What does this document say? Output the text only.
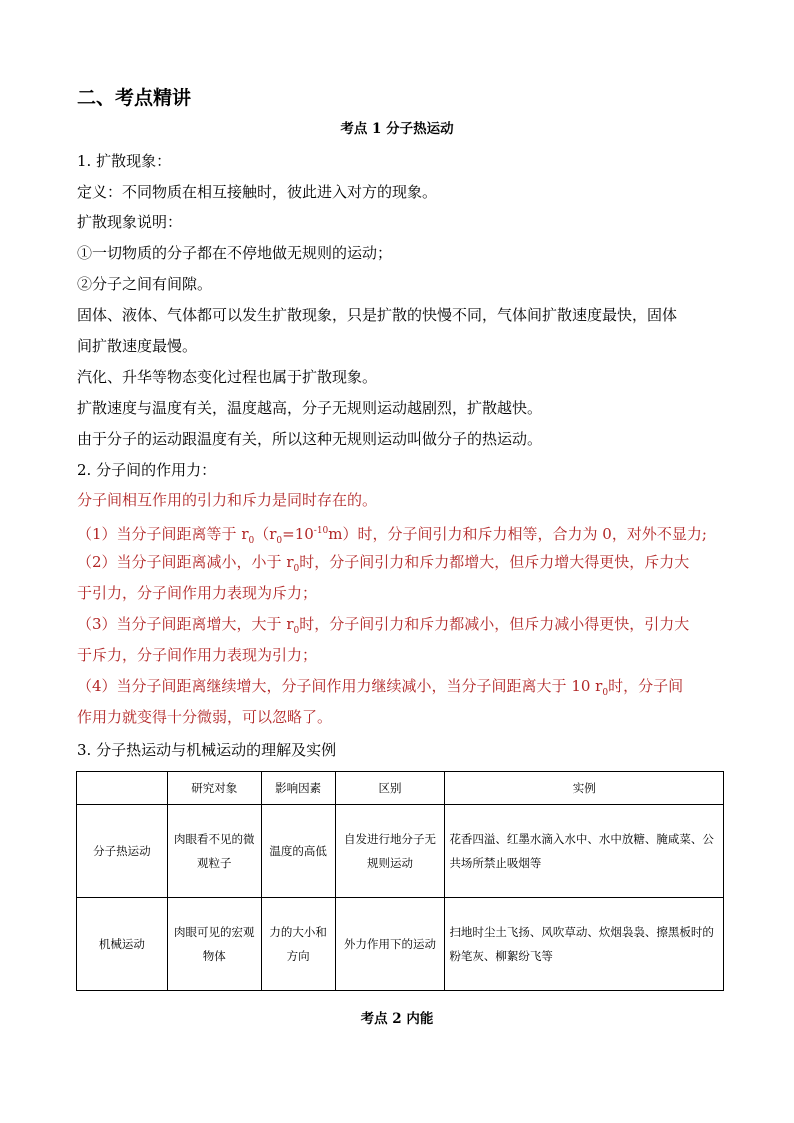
二、考点精讲
考点 1 分子热运动
1. 扩散现象：
定义：不同物质在相互接触时，彼此进入对方的现象。
扩散现象说明：
①一切物质的分子都在不停地做无规则的运动；
②分子之间有间隙。
固体、液体、气体都可以发生扩散现象，只是扩散的快慢不同，气体间扩散速度最快，固体
间扩散速度最慢。
汽化、升华等物态变化过程也属于扩散现象。
扩散速度与温度有关，温度越高，分子无规则运动越剧烈，扩散越快。
由于分子的运动跟温度有关，所以这种无规则运动叫做分子的热运动。
2. 分子间的作用力：
分子间相互作用的引力和斥力是同时存在的。
（1）当分子间距离等于 $r_0(r_0=10^{-10}m)$时，分子间引力和斥力相等，合力为 0，对外不显力;
（2）当分子间距离减小，小于 $r_0$时，分子间引力和斥力都增大，但斥力增大得更快，斥力大
于引力，分子间作用力表现为斥力；
（3）当分子间距离增大，大于 $r_0$时，分子间引力和斥力都减小，但斥力减小得更快，引力大
于斥力，分子间作用力表现为引力；
（4）当分子间距离继续增大，分子间作用力继续减小，当分子间距离大于 10 $r_0$时，分子间
作用力就变得十分微弱，可以忽略了。
3. 分子热运动与机械运动的理解及实例
	研究对象	影响因素	区别	实例
分子热运动	肉眼看不见的微观粒子	温度的高低	自发进行地分子无规则运动	花香四溢、红墨水滴入水中、水中放糖、腌咸菜、公共场所禁止吸烟等
机械运动	肉眼可见的宏观物体	力的大小和方向	外力作用下的运动	扫地时尘土飞扬、风吹草动、炊烟袅袅、擦黑板时的粉笔灰、柳絮纷飞等
考点 2 内能
